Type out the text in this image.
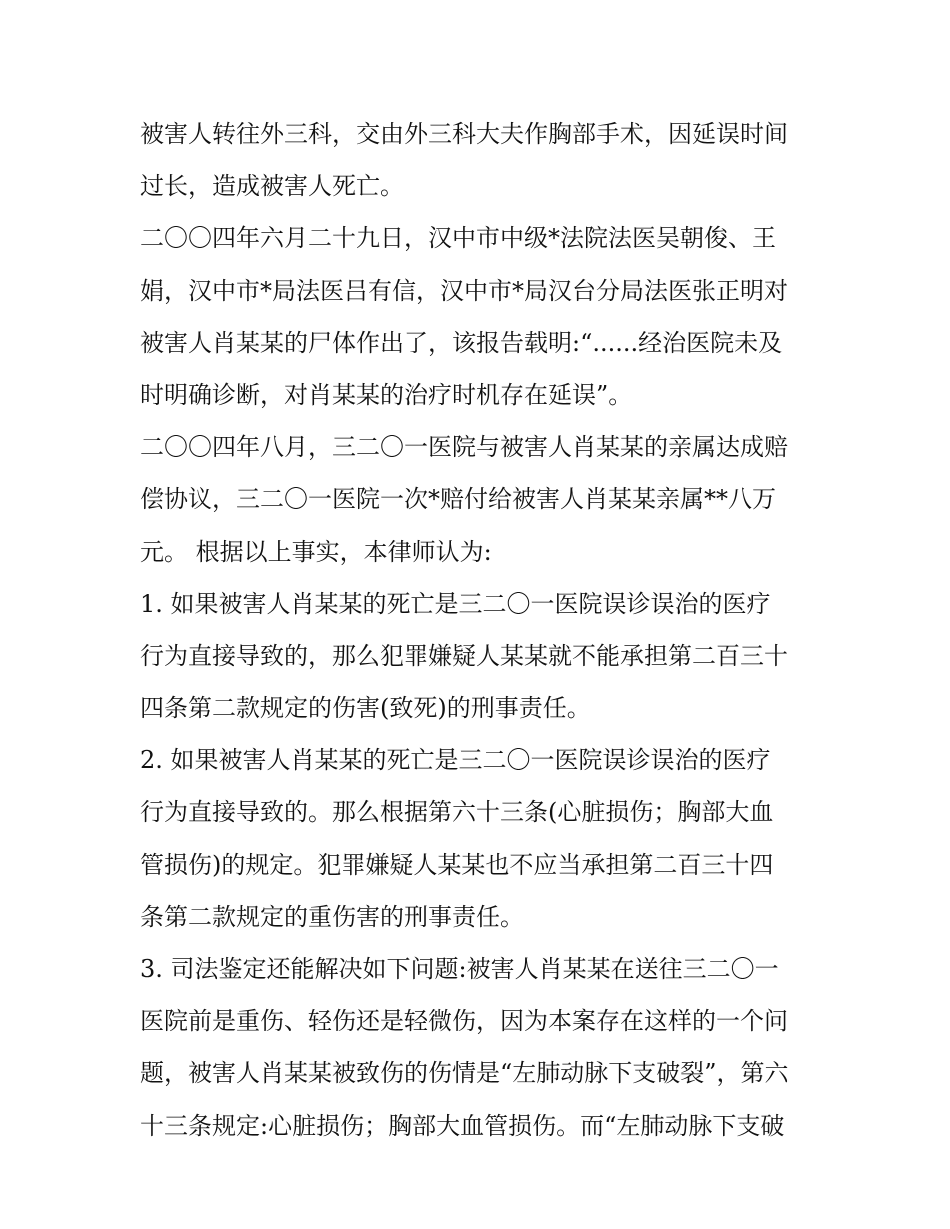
被害人转往外三科，交由外三科大夫作胸部手术，因延误时间
过长，造成被害人死亡。
二〇〇四年六月二十九日，汉中市中级*法院法医吴朝俊、王
娟，汉中市*局法医吕有信，汉中市*局汉台分局法医张正明对
被害人肖某某的尸体作出了，该报告载明:“......经治医院未及
时明确诊断，对肖某某的治疗时机存在延误”。
二〇〇四年八月，三二〇一医院与被害人肖某某的亲属达成赔
偿协议，三二〇一医院一次*赔付给被害人肖某某亲属**八万
元。 根据以上事实，本律师认为:
1. 如果被害人肖某某的死亡是三二〇一医院误诊误治的医疗
行为直接导致的，那么犯罪嫌疑人某某就不能承担第二百三十
四条第二款规定的伤害(致死)的刑事责任。
2. 如果被害人肖某某的死亡是三二〇一医院误诊误治的医疗
行为直接导致的。那么根据第六十三条(心脏损伤；胸部大血
管损伤)的规定。犯罪嫌疑人某某也不应当承担第二百三十四
条第二款规定的重伤害的刑事责任。
3. 司法鉴定还能解决如下问题:被害人肖某某在送往三二〇一
医院前是重伤、轻伤还是轻微伤，因为本案存在这样的一个问
题，被害人肖某某被致伤的伤情是“左肺动脉下支破裂”，第六
十三条规定:心脏损伤；胸部大血管损伤。而“左肺动脉下支破
